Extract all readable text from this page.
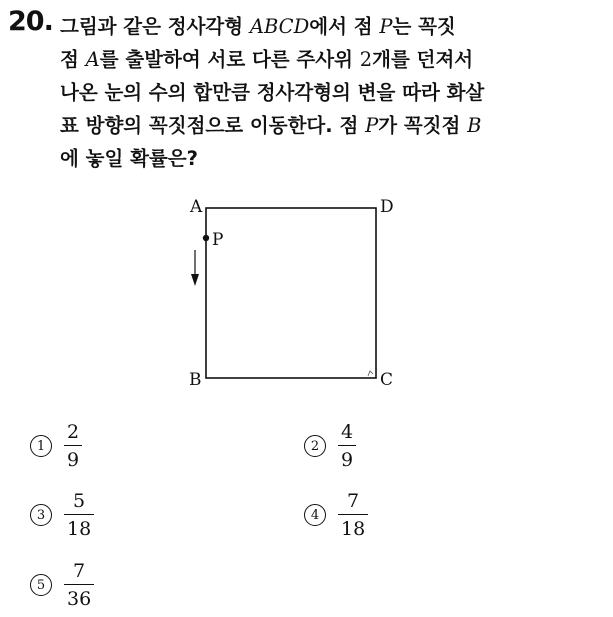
20. 그림과 같은 정사각형 ABCD에서 점 P는 꼭짓
점 A를 출발하여 서로 다른 주사위 2개를 던져서
나온 눈의 수의 합만큼 정사각형의 변을 따라 화살
표 방향의 꼭짓점으로 이동한다. 점 P가 꼭짓점 B
에 놓일 확률은?
A	D
B	C
P
$1 \frac{2}{9}$	$2 \frac{4}{9}$
$3 \frac{5}{18}$	$4 \frac{7}{18}$
$5 \frac{7}{36}$
